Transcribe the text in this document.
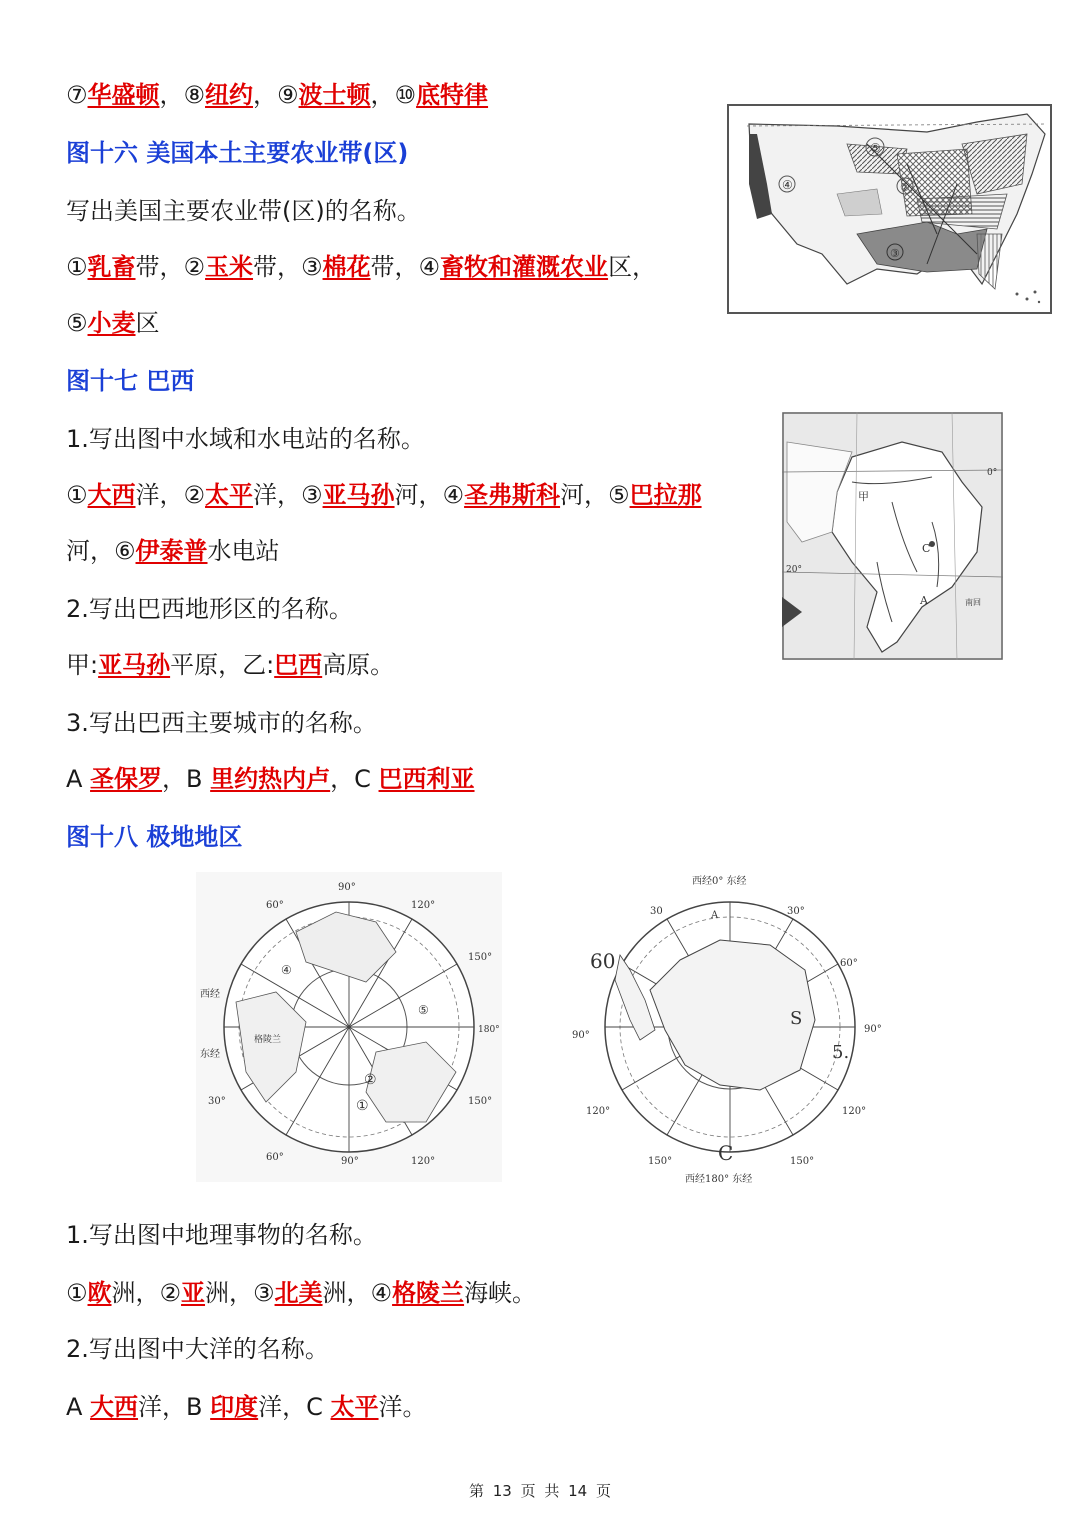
⑦华盛顿，⑧纽约，⑨波士顿，⑩底特律
图十六 美国本土主要农业带(区)
写出美国主要农业带(区)的名称。
①乳畜带，②玉米带，③棉花带，④畜牧和灌溉农业区，
⑤小麦区
图十七 巴西
1.写出图中水域和水电站的名称。
①大西洋，②太平洋，③亚马孙河，④圣弗斯科河，⑤巴拉那
河，⑥伊泰普水电站
2.写出巴西地形区的名称。
甲:亚马孙平原，乙:巴西高原。
3.写出巴西主要城市的名称。
A 圣保罗，B 里约热内卢，C 巴西利亚
图十八 极地地区
1.写出图中地理事物的名称。
①欧洲，②亚洲，③北美洲，④格陵兰海峡。
2.写出图中大洋的名称。
A 大西洋，B 印度洋，C 太平洋。
⑤
④	②
③
甲
C
A
20°
0°
南回
90°
60°	120°
150°
30°
180°
西经
东经
格陵兰
①
②
④
⑤
90°
60°	120°
150°
西经0° 东经
30	A	30°
60	60°
90°
S
5.
120°
150°
C
西经180° 东经
90°
120°
150°
第 13 页 共 14 页
